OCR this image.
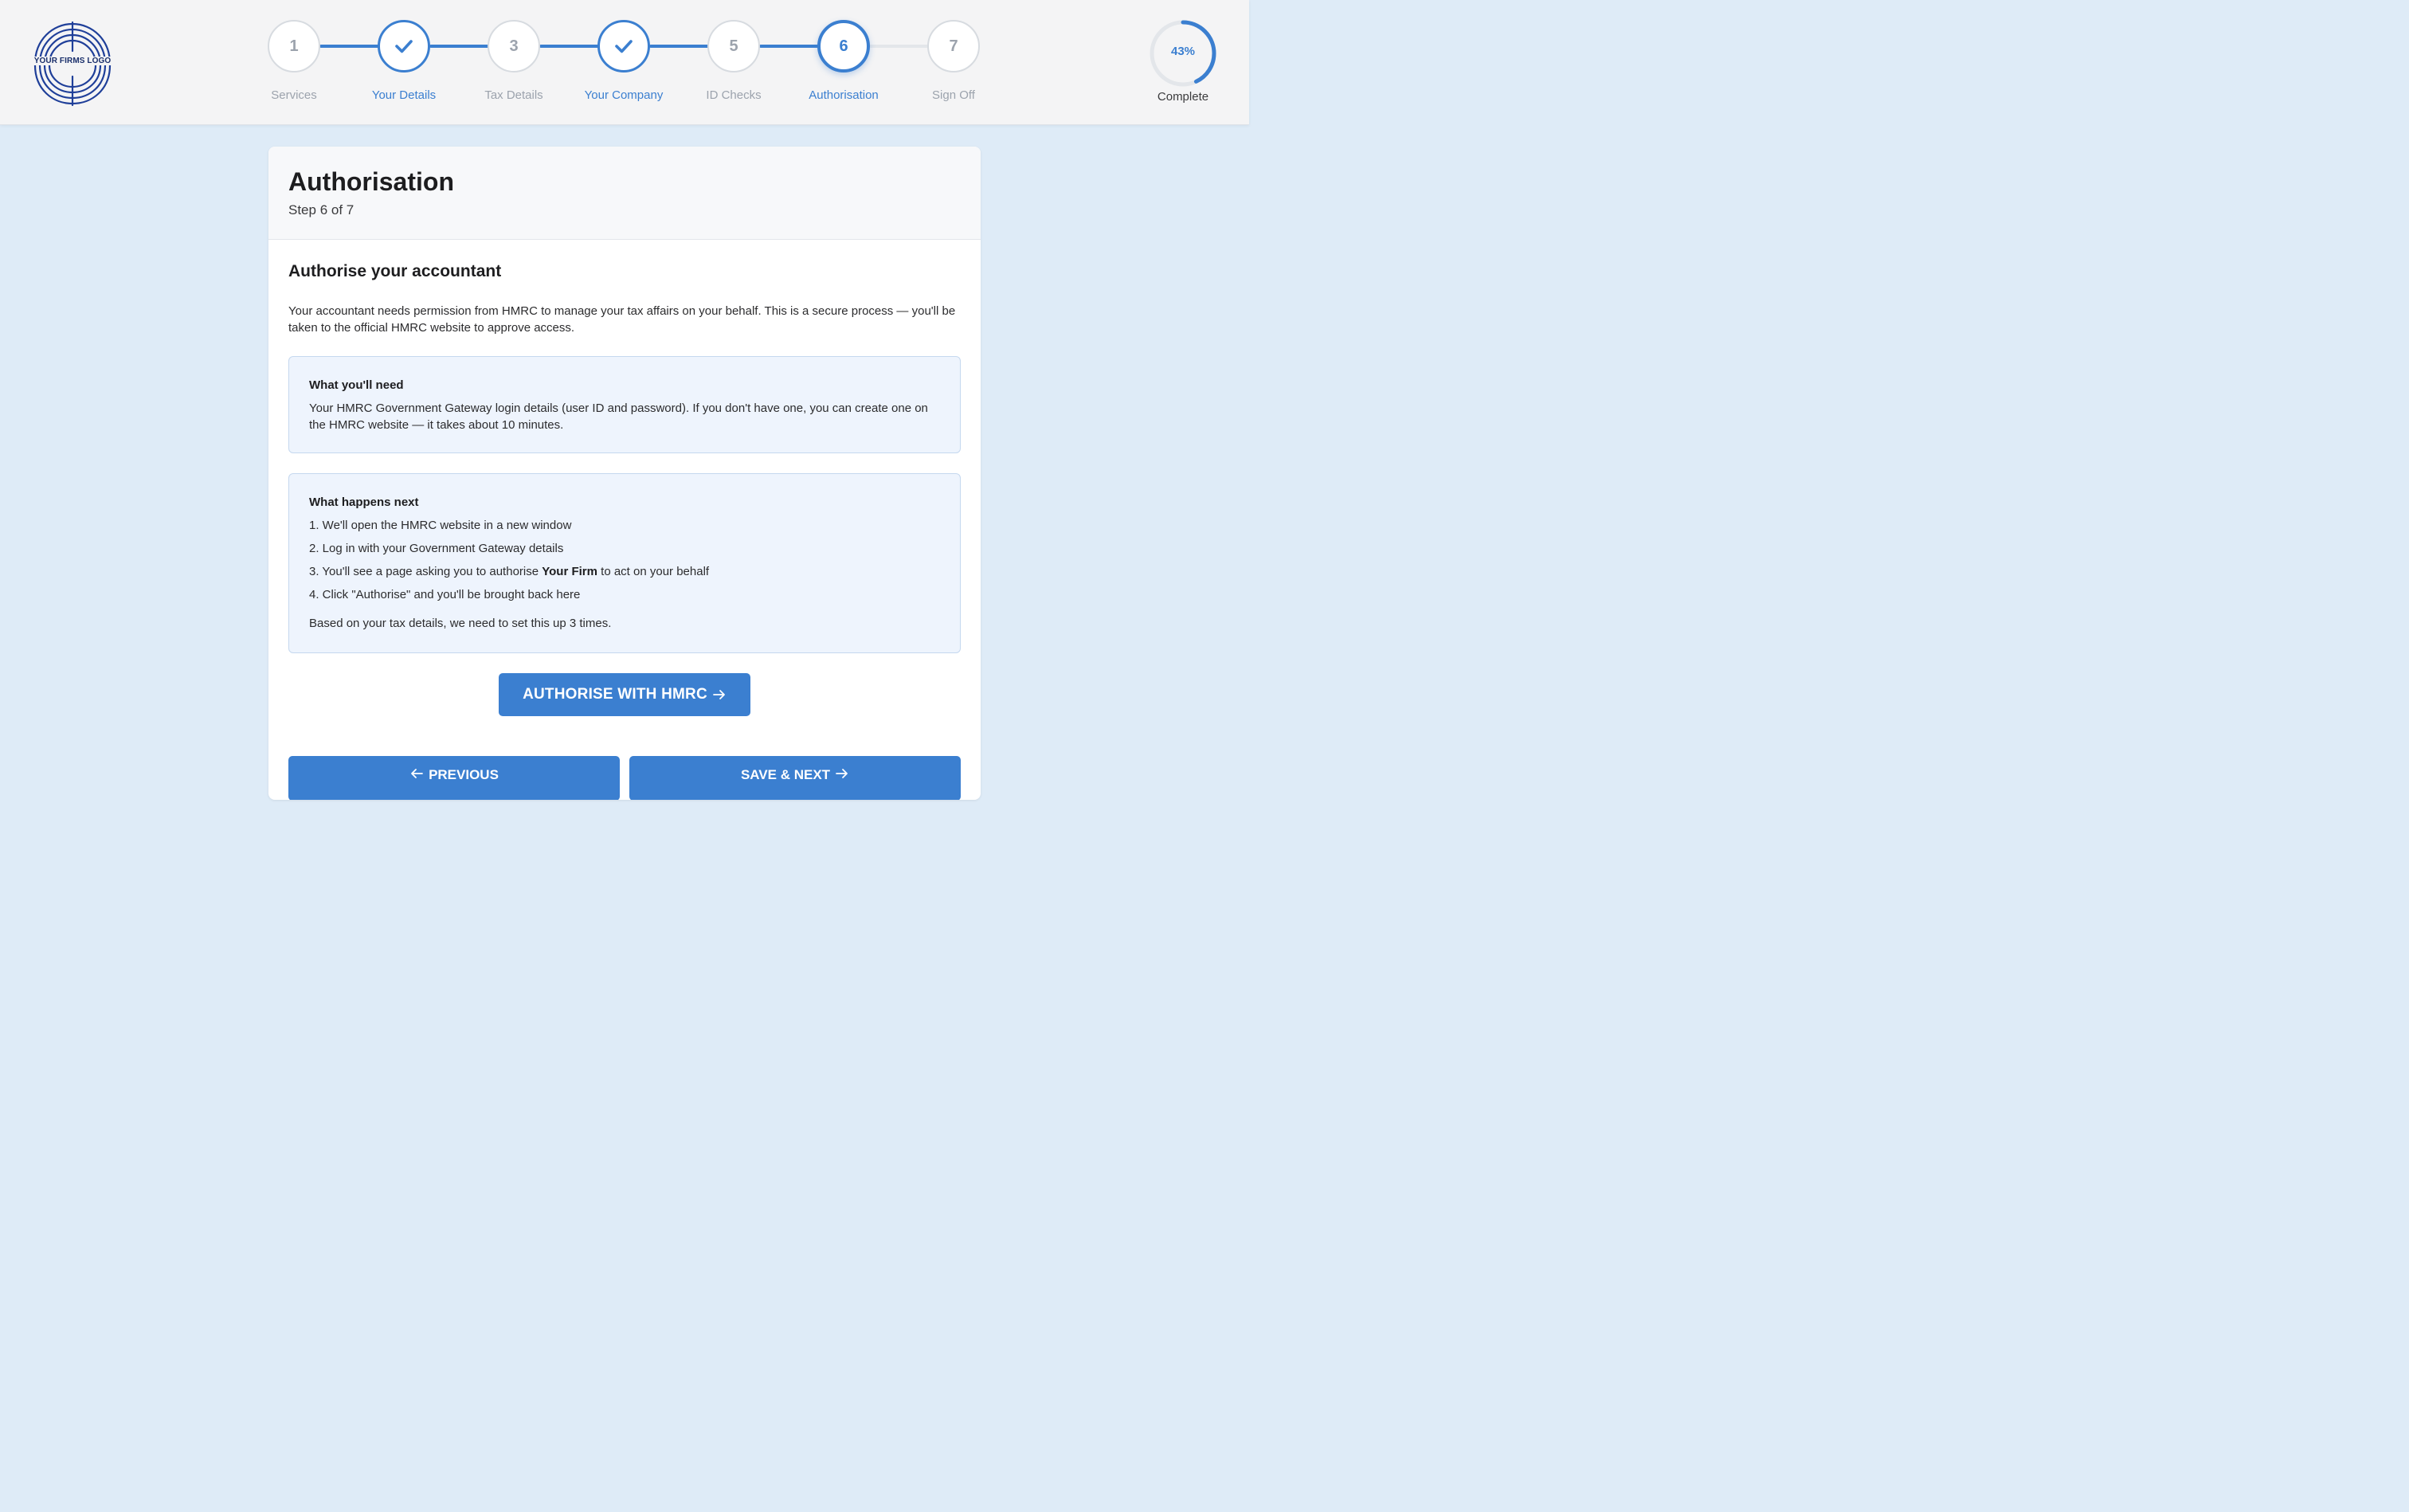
YOUR FIRMS LOGO
1
Services	Your Details
3
Tax Details	Your Company
5
ID Checks
6
Authorisation
7
Sign Off
43%
Complete
Authorisation
Step 6 of 7
Authorise your accountant
Your accountant needs permission from HMRC to manage your tax affairs on your behalf. This is a secure process — you'll be taken to the official HMRC website to approve access.
What you'll need
Your HMRC Government Gateway login details (user ID and password). If you don't have one, you can create one on the HMRC website — it takes about 10 minutes.
What happens next
1. We'll open the HMRC website in a new window
2. Log in with your Government Gateway details
3. You'll see a page asking you to authorise Your Firm to act on your behalf
4. Click "Authorise" and you'll be brought back here
Based on your tax details, we need to set this up 3 times.
AUTHORISE WITH HMRC
PREVIOUS	SAVE & NEXT
